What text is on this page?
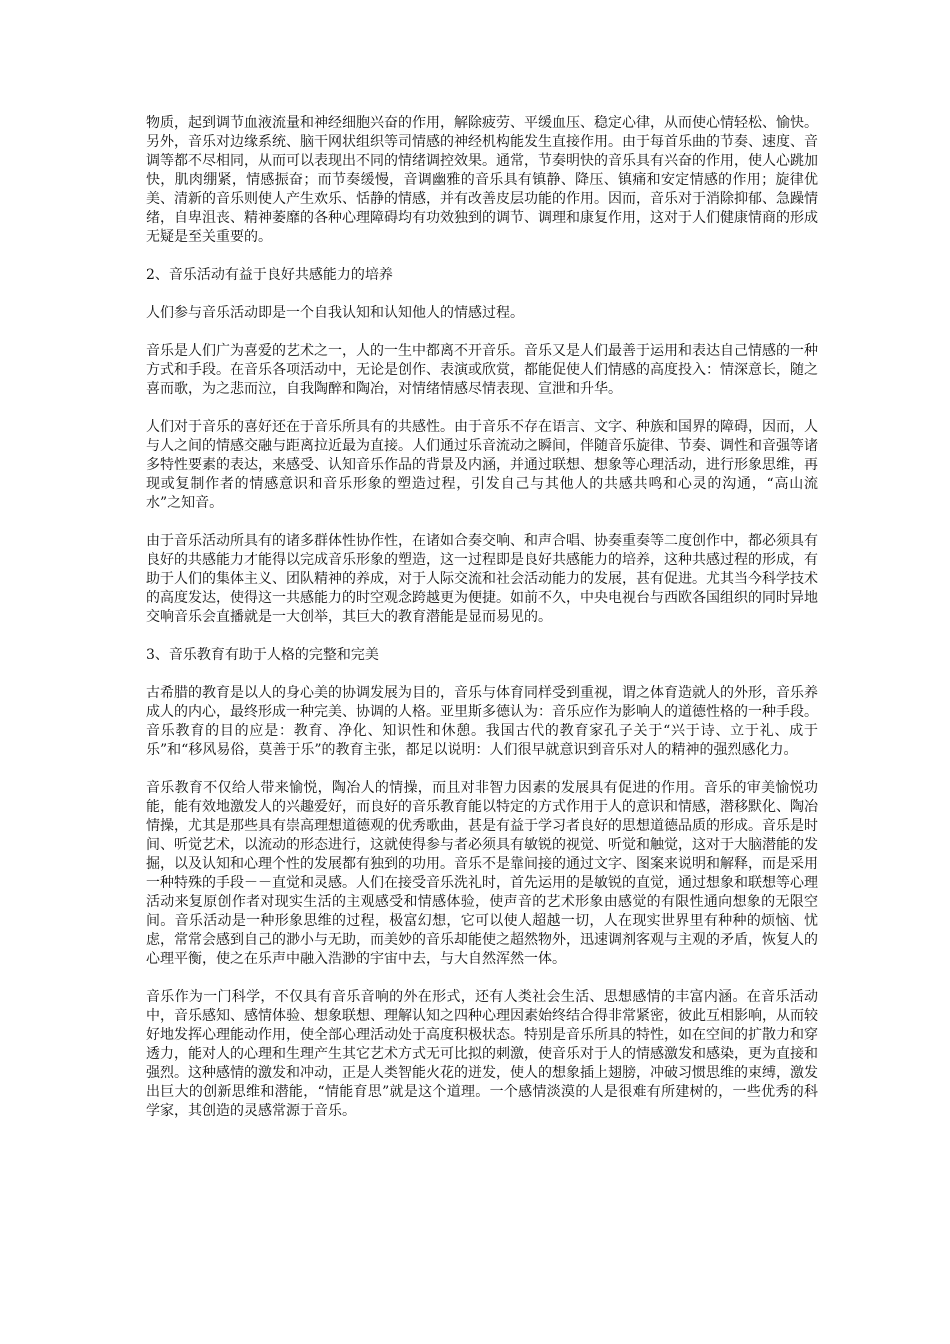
物质，起到调节血液流量和神经细胞兴奋的作用，解除疲劳、平缓血压、稳定心律，从而使心情轻松、愉快。另外，音乐对边缘系统、脑干网状组织等司情感的神经机构能发生直接作用。由于每首乐曲的节奏、速度、音调等都不尽相同，从而可以表现出不同的情绪调控效果。通常，节奏明快的音乐具有兴奋的作用，使人心跳加快，肌肉绷紧，情感振奋；而节奏缓慢，音调幽雅的音乐具有镇静、降压、镇痛和安定情感的作用；旋律优美、清新的音乐则使人产生欢乐、恬静的情感，并有改善皮层功能的作用。因而，音乐对于消除抑郁、急躁情绪，自卑沮丧、精神萎靡的各种心理障碍均有功效独到的调节、调理和康复作用，这对于人们健康情商的形成无疑是至关重要的。

2、音乐活动有益于良好共感能力的培养

人们参与音乐活动即是一个自我认知和认知他人的情感过程。

音乐是人们广为喜爱的艺术之一，人的一生中都离不开音乐。音乐又是人们最善于运用和表达自己情感的一种方式和手段。在音乐各项活动中，无论是创作、表演或欣赏，都能促使人们情感的高度投入：情深意长，随之喜而歌，为之悲而泣，自我陶醉和陶冶，对情绪情感尽情表现、宣泄和升华。

人们对于音乐的喜好还在于音乐所具有的共感性。由于音乐不存在语言、文字、种族和国界的障碍，因而，人与人之间的情感交融与距离拉近最为直接。人们通过乐音流动之瞬间，伴随音乐旋律、节奏、调性和音强等诸多特性要素的表达，来感受、认知音乐作品的背景及内涵，并通过联想、想象等心理活动，进行形象思维，再现或复制作者的情感意识和音乐形象的塑造过程，引发自己与其他人的共感共鸣和心灵的沟通，“高山流水”之知音。

由于音乐活动所具有的诸多群体性协作性，在诸如合奏交响、和声合唱、协奏重奏等二度创作中，都必须具有良好的共感能力才能得以完成音乐形象的塑造，这一过程即是良好共感能力的培养，这种共感过程的形成，有助于人们的集体主义、团队精神的养成，对于人际交流和社会活动能力的发展，甚有促进。尤其当今科学技术的高度发达，使得这一共感能力的时空观念跨越更为便捷。如前不久，中央电视台与西欧各国组织的同时异地交响音乐会直播就是一大创举，其巨大的教育潜能是显而易见的。

3、音乐教育有助于人格的完整和完美

古希腊的教育是以人的身心美的协调发展为目的，音乐与体育同样受到重视，谓之体育造就人的外形，音乐养成人的内心，最终形成一种完美、协调的人格。亚里斯多德认为：音乐应作为影响人的道德性格的一种手段。音乐教育的目的应是：教育、净化、知识性和休憩。我国古代的教育家孔子关于“兴于诗、立于礼、成于乐”和“移风易俗，莫善于乐”的教育主张，都足以说明：人们很早就意识到音乐对人的精神的强烈感化力。

音乐教育不仅给人带来愉悦，陶冶人的情操，而且对非智力因素的发展具有促进的作用。音乐的审美愉悦功能，能有效地激发人的兴趣爱好，而良好的音乐教育能以特定的方式作用于人的意识和情感，潜移默化、陶冶情操，尤其是那些具有崇高理想道德观的优秀歌曲，甚是有益于学习者良好的思想道德品质的形成。音乐是时间、听觉艺术，以流动的形态进行，这就使得参与者必须具有敏锐的视觉、听觉和触觉，这对于大脑潜能的发掘，以及认知和心理个性的发展都有独到的功用。音乐不是靠间接的通过文字、图案来说明和解释，而是采用一种特殊的手段－－直觉和灵感。人们在接受音乐洗礼时，首先运用的是敏锐的直觉，通过想象和联想等心理活动来复原创作者对现实生活的主观感受和情感体验，使声音的艺术形象由感觉的有限性通向想象的无限空间。音乐活动是一种形象思维的过程，极富幻想，它可以使人超越一切，人在现实世界里有种种的烦恼、忧虑，常常会感到自己的渺小与无助，而美妙的音乐却能使之超然物外，迅速调剂客观与主观的矛盾，恢复人的心理平衡，使之在乐声中融入浩渺的宇宙中去，与大自然浑然一体。

音乐作为一门科学，不仅具有音乐音响的外在形式，还有人类社会生活、思想感情的丰富内涵。在音乐活动中，音乐感知、感情体验、想象联想、理解认知之四种心理因素始终结合得非常紧密，彼此互相影响，从而较好地发挥心理能动作用，使全部心理活动处于高度积极状态。特别是音乐所具的特性，如在空间的扩散力和穿透力，能对人的心理和生理产生其它艺术方式无可比拟的刺激，使音乐对于人的情感激发和感染，更为直接和强烈。这种感情的激发和冲动，正是人类智能火花的迸发，使人的想象插上翅膀，冲破习惯思维的束缚，激发出巨大的创新思维和潜能，“情能育思”就是这个道理。一个感情淡漠的人是很难有所建树的，一些优秀的科学家，其创造的灵感常源于音乐。
